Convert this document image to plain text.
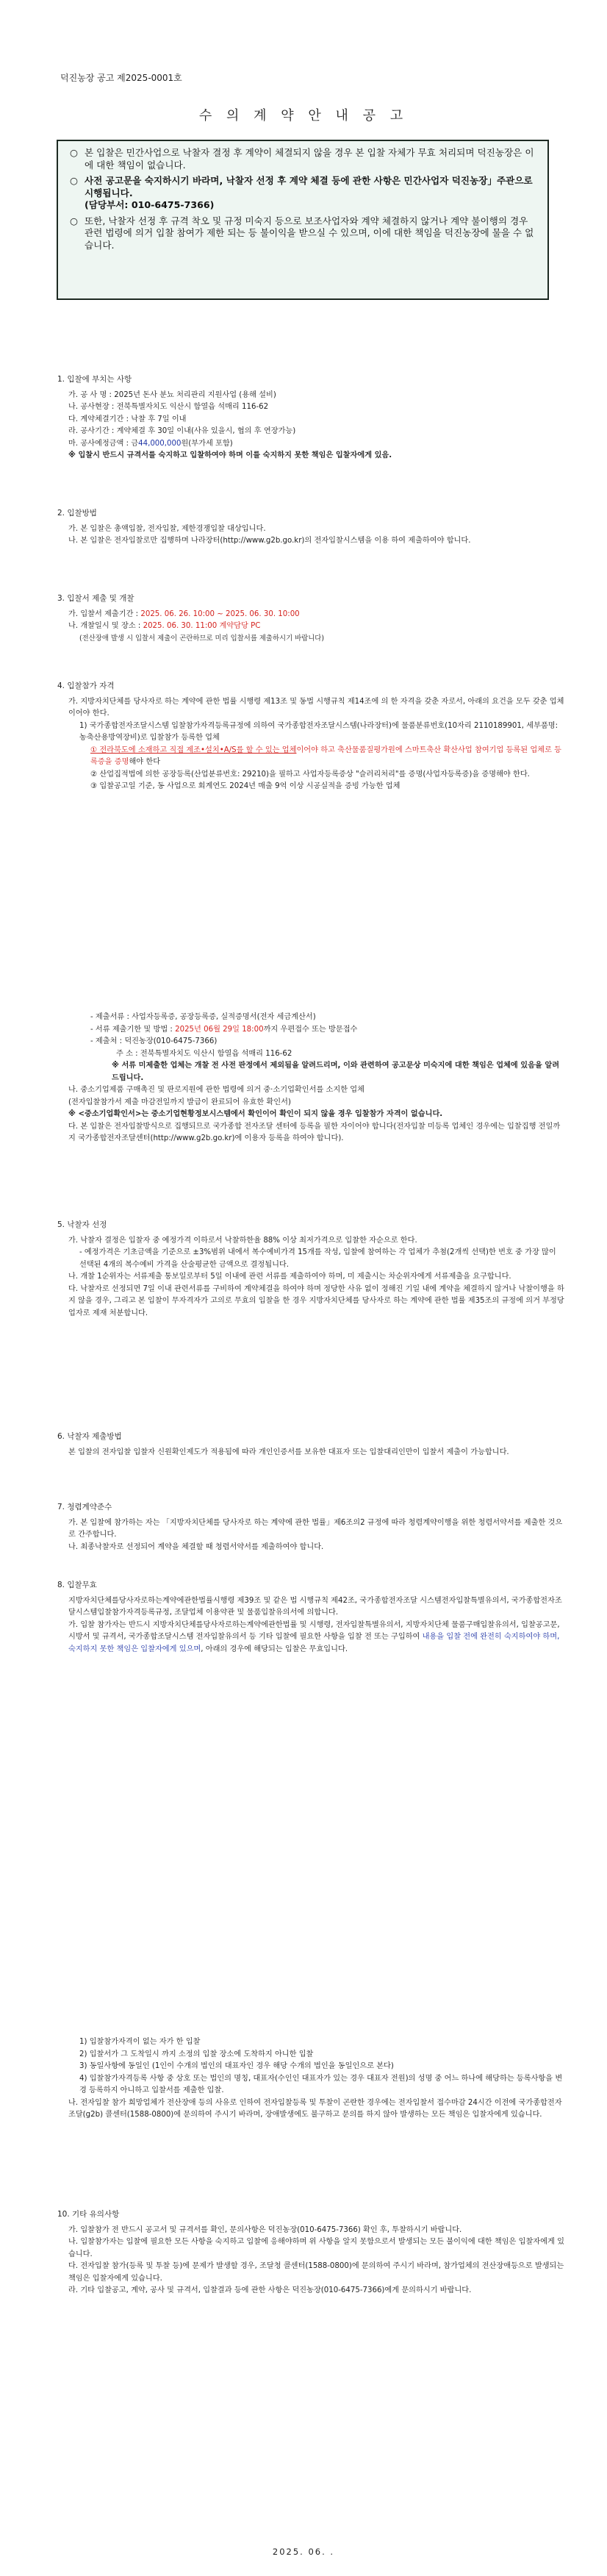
덕진농장 공고 제2025-0001호
수 의 계 약 안 내 공 고
○ 본 입찰은 민간사업으로 낙찰자 결정 후 계약이 체결되지 않을 경우 본 입찰 자체가 무효 처리되며 덕진농장은 이에 대한 책임이 없습니다.
○ 사전 공고문을 숙지하시기 바라며, 낙찰자 선정 후 계약 체결 등에 관한 사항은 민간사업자 덕진농장」주관으로 시행됩니다.
(담당부서: 010-6475-7366)
○ 또한, 낙찰자 선정 후 규격 착오 및 규정 미숙지 등으로 보조사업자와 계약 체결하지 않거나 계약 불이행의 경우 관련 법령에 의거 입찰 참여가 제한 되는 등 불이익을 받으실 수 있으며, 이에 대한 책임을 덕진농장에 물을 수 없습니다.
1. 입찰에 부치는 사항
가. 공 사 명 : 2025년 돈사 분뇨 처리관리 지원사업 (용해 설비)
나. 공사현장 : 전북특별자치도 익산시 함열읍 석매리 116-62
다. 계약체결기간 : 낙찰 후 7일 이내
라. 공사기간 : 계약체결 후 30일 이내(사유 있을시, 협의 후 연장가능)
마. 공사예정금액 : 금44,000,000원(부가세 포함)
※ 입찰시 반드시 규격서를 숙지하고 입찰하여야 하며 이를 숙지하지 못한 책임은 입찰자에게 있음.
2. 입찰방법
가. 본 입찰은 총액입찰, 전자입찰, 제한경쟁입찰 대상입니다.
나. 본 입찰은 전자입찰로만 집행하며 나라장터(http://www.g2b.go.kr)의 전자입찰시스템을 이용 하여 제출하여야 합니다.
3. 입찰서 제출 및 개찰
가. 입찰서 제출기간 : 2025. 06. 26. 10:00 ~ 2025. 06. 30. 10:00
나. 개찰일시 및 장소 : 2025. 06. 30. 11:00 계약담당 PC
(전산장애 발생 시 입찰서 제출이 곤란하므로 미리 입찰서를 제출하시기 바랍니다)
4. 입찰참가 자격
가. 지방자치단체를 당사자로 하는 계약에 관한 법률 시행령 제13조 및 동법 시행규칙 제14조에 의 한 자격을 갖춘 자로서, 아래의 요건을 모두 갖춘 업체이어야 한다.
1) 국가종합전자조달시스템 입찰참가자격등록규정에 의하여 국가종합전자조달시스템(나라장터)에 물품분류번호(10자리 2110189901, 세부품명: 농축산용방역장비)로 입찰참가 등록한 업체
① 전라북도에 소재하고 직접 제조•설치•A/S를 할 수 있는 업체이어야 하고 축산물품질평가원에 스마트축산 확산사업 참여기업 등록된 업체로 등록증을 증명해야 한다
② 산업집적법에 의한 공장등록(산업분류번호: 29210)을 필하고 사업자등록증상 "슬러리처리"를 증명(사업자등록증)을 증명해야 한다.
③ 입찰공고일 기준, 동 사업으로 회계연도 2024년 매출 9억 이상 시공실적을 증빙 가능한 업체
- 제출서류 : 사업자등록증, 공장등록증, 실적증명서(전자 세금계산서)
- 서류 제출기한 및 방법 : 2025년 06월 29일 18:00까지 우편접수 또는 방문접수
- 제출처 : 덕진농장(010-6475-7366)
주 소 : 전북특별자치도 익산시 함열읍 석매리 116-62
※ 서류 미제출한 업체는 개찰 전 사전 판정에서 제외됨을 알려드리며, 이와 관련하여 공고문상 미숙지에 대한 책임은 업체에 있음을 알려드립니다.
나. 중소기업제품 구매촉진 및 판로지원에 관한 법령에 의거 중·소기업확인서를 소지한 업체
(전자입찰참가서 제출 마감전일까지 발급이 완료되어 유효한 확인서)
※ <중소기업확인서>는 중소기업현황정보시스템에서 확인이어 확인이 되지 않을 경우 입찰참가 자격이 없습니다.
다. 본 입찰은 전자입찰방식으로 집행되므로 국가종합 전자조달 센터에 등록을 필한 자이어야 합니다(전자입찰 미등록 업체인 경우에는 입찰집행 전일까지 국가종합전자조달센터(http://www.g2b.go.kr)에 이용자 등록을 하여야 합니다).
5. 낙찰자 선정
가. 낙찰자 결정은 입찰자 중 예정가격 이하로서 낙찰하한율 88% 이상 최저가격으로 입찰한 자순으로 한다.
- 예정가격은 기초금액을 기준으로 ±3%범위 내에서 복수예비가격 15개를 작성, 입찰에 참여하는 각 업체가 추첨(2개씩 선택)한 번호 중 가장 많이 선택된 4개의 복수예비 가격을 산술평균한 금액으로 결정됩니다.
나. 개찰 1순위자는 서류제출 통보일로부터 5일 이내에 관련 서류를 제출하여야 하며, 미 제출시는 차순위자에게 서류제출을 요구합니다.
다. 낙찰자로 선정되면 7일 이내 관련서류를 구비하여 계약체결을 하여야 하며 정당한 사유 없이 정해진 기일 내에 계약을 체결하지 않거나 낙찰이행을 하지 않을 경우, 그리고 본 입찰이 무자격자가 고의로 무효의 입찰을 한 경우 지방자치단체를 당사자로 하는 계약에 관한 법률 제35조의 규정에 의거 부정당업자로 제재 처분합니다.
6. 낙찰자 제출방법
본 입찰의 전자입찰 입찰자 신원확인제도가 적용됨에 따라 개인인증서를 보유한 대표자 또는 입찰대리인만이 입찰서 제출이 가능합니다.
7. 청렴계약준수
가. 본 입찰에 참가하는 자는 「지방자치단체를 당사자로 하는 계약에 관한 법률」제6조의2 규정에 따라 청렴계약이행을 위한 청렴서약서를 제출한 것으로 간주합니다.
나. 최종낙찰자로 선정되어 계약을 체결할 때 청렴서약서를 제출하여야 합니다.
8. 입찰무효
지방자치단체를당사자로하는계약에관한법률시행령 제39조 및 같은 법 시행규칙 제42조, 국가종합전자조달 시스템전자입찰특별유의서, 국가종합전자조달시스템입찰참가자격등록규정, 조달업체 이용약관 및 물품입찰유의서에 의합니다.
가. 입찰 참가자는 반드시 지방자치단체를당사자로하는계약에관한법률 및 시행령, 전자입찰특별유의서, 지방자치단체 물품구매입찰유의서, 입찰공고문, 시방서 및 규격서, 국가종합조달시스템 전자입찰유의서 등 기타 입찰에 필요한 사항을 입찰 전 또는 구입하여 내용을 입찰 전에 완전히 숙지하여야 하며, 숙지하지 못한 책임은 입찰자에게 있으며, 아래의 경우에 해당되는 입찰은 무효입니다.
1) 입찰참가자격이 없는 자가 한 입찰
2) 입찰서가 그 도착일시 까지 소정의 입찰 장소에 도착하지 아니한 입찰
3) 동일사항에 동일인 (1인이 수개의 법인의 대표자인 경우 해당 수개의 법인을 동일인으로 본다)
4) 입찰참가자격등록 사항 중 상호 또는 법인의 명칭, 대표자(수인인 대표자가 있는 경우 대표자 전원)의 성명 중 어느 하나에 해당하는 등록사항을 변경 등록하지 아니하고 입찰서를 제출한 입찰.
나. 전자입찰 참가 희망업체가 전산장애 등의 사유로 인하여 전자입찰등록 및 투찰이 곤란한 경우에는 전자입찰서 접수마감 24시간 이전에 국가종합전자조달(g2b) 콜센터(1588-0800)에 문의하여 주시기 바라며, 장애발생에도 불구하고 문의를 하지 않아 발생하는 모든 책임은 입찰자에게 있습니다.
10. 기타 유의사항
가. 입찰참가 전 반드시 공고서 및 규격서를 확인, 문의사항은 덕진농장(010-6475-7366) 확인 후, 투찰하시기 바랍니다.
나. 입찰참가자는 입찰에 필요한 모든 사항을 숙지하고 입찰에 응해야하며 위 사항을 알지 못함으로서 발생되는 모든 불이익에 대한 책임은 입찰자에게 있습니다.
다. 전자입찰 참가(등록 및 투찰 등)에 문제가 발생할 경우, 조달청 콜센터(1588-0800)에 문의하여 주시기 바라며, 참가업체의 전산장애등으로 발생되는 책임은 입찰자에게 있습니다.
라. 기타 입찰공고, 계약, 공사 및 규격서, 입찰결과 등에 관한 사항은 덕진농장(010-6475-7366)에게 문의하시기 바랍니다.
2025. 06. .
